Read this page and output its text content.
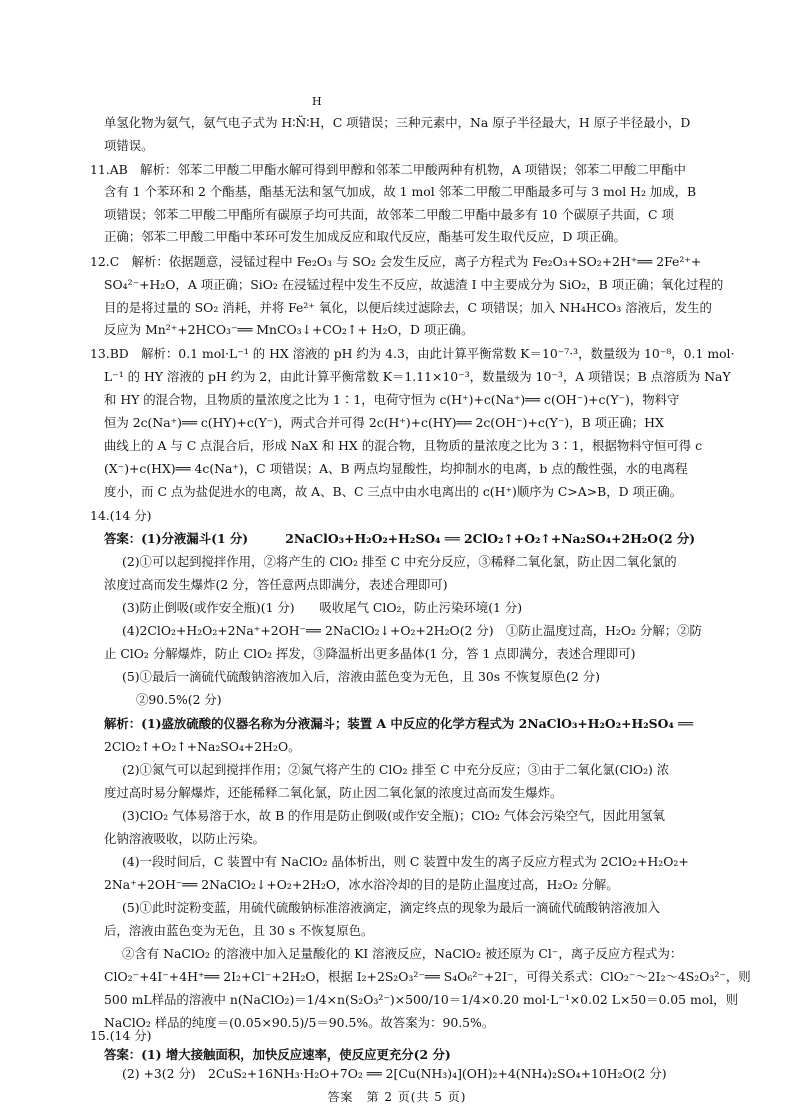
H
单氢化物为氨气，氨气电子式为 H∶N̈∶H，C 项错误；三种元素中，Na 原子半径最大，H 原子半径最小，D
项错误。
11.AB　解析：邻苯二甲酸二甲酯水解可得到甲醇和邻苯二甲酸两种有机物，A 项错误；邻苯二甲酸二甲酯中
含有 1 个苯环和 2 个酯基，酯基无法和氢气加成，故 1 mol 邻苯二甲酸二甲酯最多可与 3 mol H₂ 加成，B
项错误；邻苯二甲酸二甲酯所有碳原子均可共面，故邻苯二甲酸二甲酯中最多有 10 个碳原子共面，C 项
正确；邻苯二甲酸二甲酯中苯环可发生加成反应和取代反应，酯基可发生取代反应，D 项正确。
12.C　解析：依据题意，浸锰过程中 Fe₂O₃ 与 SO₂ 会发生反应，离子方程式为 Fe₂O₃+SO₂+2H⁺══ 2Fe²⁺+
SO₄²⁻+H₂O，A 项正确；SiO₂ 在浸锰过程中发生不反应，故滤渣 Ⅰ 中主要成分为 SiO₂，B 项正确；氧化过程的
目的是将过量的 SO₂ 消耗，并将 Fe²⁺ 氧化，以便后续过滤除去，C 项错误；加入 NH₄HCO₃ 溶液后，发生的
反应为 Mn²⁺+2HCO₃⁻══ MnCO₃↓+CO₂↑+ H₂O，D 项正确。
13.BD　解析：0.1 mol·L⁻¹ 的 HX 溶液的 pH 约为 4.3，由此计算平衡常数 K＝10⁻⁷·³，数量级为 10⁻⁸，0.1 mol·
L⁻¹ 的 HY 溶液的 pH 约为 2，由此计算平衡常数 K＝1.11×10⁻³，数量级为 10⁻³，A 项错误；B 点溶质为 NaY
和 HY 的混合物，且物质的量浓度之比为 1∶1，电荷守恒为 c(H⁺)+c(Na⁺)══ c(OH⁻)+c(Y⁻)，物料守
恒为 2c(Na⁺)══ c(HY)+c(Y⁻)，两式合并可得 2c(H⁺)+c(HY)══ 2c(OH⁻)+c(Y⁻)，B 项正确；HX
曲线上的 A 与 C 点混合后，形成 NaX 和 HX 的混合物，且物质的量浓度之比为 3∶1，根据物料守恒可得 c
(X⁻)+c(HX)══ 4c(Na⁺)，C 项错误；A、B 两点均显酸性，均抑制水的电离，b 点的酸性强，水的电离程
度小，而 C 点为盐促进水的电离，故 A、B、C 三点中由水电离出的 c(H⁺)顺序为 C>A>B，D 项正确。
14.(14 分)
答案：(1)分液漏斗(1 分)　　　2NaClO₃+H₂O₂+H₂SO₄ ══ 2ClO₂↑+O₂↑+Na₂SO₄+2H₂O(2 分)
(2)①可以起到搅拌作用，②将产生的 ClO₂ 排至 C 中充分反应，③稀释二氧化氯，防止因二氧化氯的
浓度过高而发生爆炸(2 分，答任意两点即满分，表述合理即可)
(3)防止倒吸(或作安全瓶)(1 分)　　吸收尾气 ClO₂，防止污染环境(1 分)
(4)2ClO₂+H₂O₂+2Na⁺+2OH⁻══ 2NaClO₂↓+O₂+2H₂O(2 分)　①防止温度过高，H₂O₂ 分解；②防
止 ClO₂ 分解爆炸，防止 ClO₂ 挥发，③降温析出更多晶体(1 分，答 1 点即满分，表述合理即可)
(5)①最后一滴硫代硫酸钠溶液加入后，溶液由蓝色变为无色，且 30s 不恢复原色(2 分)
②90.5%(2 分)
解析：(1)盛放硫酸的仪器名称为分液漏斗；装置 A 中反应的化学方程式为 2NaClO₃+H₂O₂+H₂SO₄ ══
2ClO₂↑+O₂↑+Na₂SO₄+2H₂O。
(2)①氮气可以起到搅拌作用；②氮气将产生的 ClO₂ 排至 C 中充分反应；③由于二氧化氯(ClO₂) 浓
度过高时易分解爆炸，还能稀释二氧化氯，防止因二氧化氯的浓度过高而发生爆炸。
(3)ClO₂ 气体易溶于水，故 B 的作用是防止倒吸(或作安全瓶)；ClO₂ 气体会污染空气，因此用氢氧
化钠溶液吸收，以防止污染。
(4)一段时间后，C 装置中有 NaClO₂ 晶体析出，则 C 装置中发生的离子反应方程式为 2ClO₂+H₂O₂+
2Na⁺+2OH⁻══ 2NaClO₂↓+O₂+2H₂O，冰水浴冷却的目的是防止温度过高，H₂O₂ 分解。
(5)①此时淀粉变蓝，用硫代硫酸钠标准溶液滴定，滴定终点的现象为最后一滴硫代硫酸钠溶液加入
后，溶液由蓝色变为无色，且 30 s 不恢复原色。
②含有 NaClO₂ 的溶液中加入足量酸化的 KI 溶液反应，NaClO₂ 被还原为 Cl⁻，离子反应方程式为：
ClO₂⁻+4I⁻+4H⁺══ 2I₂+Cl⁻+2H₂O，根据 I₂+2S₂O₃²⁻══ S₄O₆²⁻+2I⁻，可得关系式：ClO₂⁻～2I₂～4S₂O₃²⁻，则
500 mL样品的溶液中 n(NaClO₂)＝1/4×n(S₂O₃²⁻)×500/10＝1/4×0.20 mol·L⁻¹×0.02 L×50＝0.05 mol，则
NaClO₂ 样品的纯度＝(0.05×90.5)/5＝90.5%。故答案为：90.5%。
15.(14 分)
答案：(1) 增大接触面积，加快反应速率，使反应更充分(2 分)
(2) +3(2 分)　2CuS₂+16NH₃·H₂O+7O₂ ══ 2[Cu(NH₃)₄](OH)₂+4(NH₄)₂SO₄+10H₂O(2 分)
答案　第 2 页(共 5 页)
